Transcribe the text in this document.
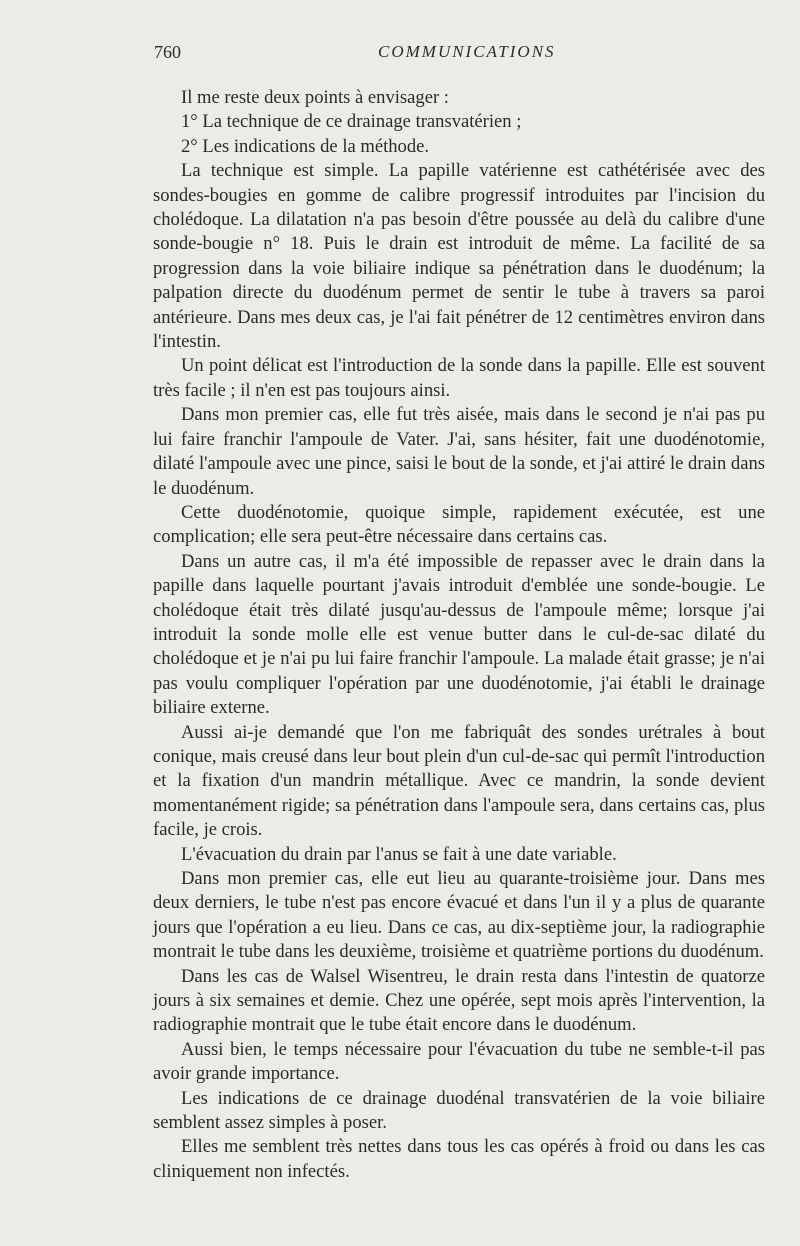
760	COMMUNICATIONS

Il me reste deux points à envisager :

1° La technique de ce drainage transvatérien ;

2° Les indications de la méthode.

La technique est simple. La papille vatérienne est cathétérisée avec des sondes-bougies en gomme de calibre progressif introduites par l'incision du cholédoque. La dilatation n'a pas besoin d'être poussée au delà du calibre d'une sonde-bougie n° 18. Puis le drain est introduit de même. La facilité de sa progression dans la voie biliaire indique sa pénétration dans le duodénum; la palpation directe du duodénum permet de sentir le tube à travers sa paroi antérieure. Dans mes deux cas, je l'ai fait pénétrer de 12 centimètres environ dans l'intestin.

Un point délicat est l'introduction de la sonde dans la papille. Elle est souvent très facile ; il n'en est pas toujours ainsi.

Dans mon premier cas, elle fut très aisée, mais dans le second je n'ai pas pu lui faire franchir l'ampoule de Vater. J'ai, sans hésiter, fait une duodénotomie, dilaté l'ampoule avec une pince, saisi le bout de la sonde, et j'ai attiré le drain dans le duodénum.

Cette duodénotomie, quoique simple, rapidement exécutée, est une complication; elle sera peut-être nécessaire dans certains cas.

Dans un autre cas, il m'a été impossible de repasser avec le drain dans la papille dans laquelle pourtant j'avais introduit d'emblée une sonde-bougie. Le cholédoque était très dilaté jusqu'au-dessus de l'ampoule même; lorsque j'ai introduit la sonde molle elle est venue butter dans le cul-de-sac dilaté du cholédoque et je n'ai pu lui faire franchir l'ampoule. La malade était grasse; je n'ai pas voulu compliquer l'opération par une duodénotomie, j'ai établi le drainage biliaire externe.

Aussi ai-je demandé que l'on me fabriquât des sondes urétrales à bout conique, mais creusé dans leur bout plein d'un cul-de-sac qui permît l'introduction et la fixation d'un mandrin métallique. Avec ce mandrin, la sonde devient momentanément rigide; sa pénétration dans l'ampoule sera, dans certains cas, plus facile, je crois.

L'évacuation du drain par l'anus se fait à une date variable.

Dans mon premier cas, elle eut lieu au quarante-troisième jour. Dans mes deux derniers, le tube n'est pas encore évacué et dans l'un il y a plus de quarante jours que l'opération a eu lieu. Dans ce cas, au dix-septième jour, la radiographie montrait le tube dans les deuxième, troisième et quatrième portions du duodénum.

Dans les cas de Walsel Wisentreu, le drain resta dans l'intestin de quatorze jours à six semaines et demie. Chez une opérée, sept mois après l'intervention, la radiographie montrait que le tube était encore dans le duodénum.

Aussi bien, le temps nécessaire pour l'évacuation du tube ne semble-t-il pas avoir grande importance.

Les indications de ce drainage duodénal transvatérien de la voie biliaire semblent assez simples à poser.

Elles me semblent très nettes dans tous les cas opérés à froid ou dans les cas cliniquement non infectés.
